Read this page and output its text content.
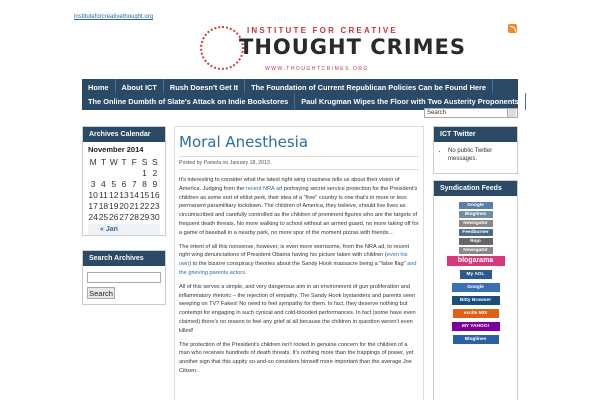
instituteforcreativethought.org
INSTITUTE FOR CREATIVE
THOUGHT CRIMES
WWW.THOUGHTCRIMES.ORG
Home	About ICT	Rush Doesn't Get It	The Foundation of Current Republican Policies Can be Found Here
The Online Dumbth of Slate's Attack on Indie Bookstores	Paul Krugman Wipes the Floor with Two Austerity Proponents
Search
Archives Calendar
November 2014
M	T	W	T	F	S	S
					1	2
3	4	5	6	7	8	9
10	11	12	13	14	15	16
17	18	19	20	21	22	23
24	25	26	27	28	29	30
« Jan
Search Archives
Search
Moral Anesthesia
Posted by Pamela on January 18, 2013

It's interesting to consider what the latest right wing craziness tells us about their vision of America. Judging from the recent NRA ad portraying secret service protection for the President's children as some sort of elitist perk, their idea of a "free" country is one that's in more or less permanent paramilitary lockdown. The children of America, they believe, should live lives as circumscribed and carefully controlled as the children of prominent figures who are the targets of frequent death threats. No more walking to school without an armed guard, no more taking off for a game of baseball in a nearby park, no more spur of the moment pizzas with friends…

The intent of all this nonsense, however, is even more worrisome, from the NRA ad, to recent right wing denunciations of President Obama having his picture taken with children (even his own) to the bizarre conspiracy theories about the Sandy Hook massacre being a "false flag" and the grieving parents actors.

All of this serves a simple, and very dangerous aim in an environment of gun proliferation and inflammatory rhetoric – the rejection of empathy. The Sandy Hook bystanders and parents seen weeping on TV? Fakes! No need to feel sympathy for them. In fact, they deserve nothing but contempt for engaging in such cynical and cold-blooded performances. In fact (some have even claimed) there's no reason to feel any grief at all because the children in question weren't even killed!

The protection of the President's children isn't rooted in genuine concern for the children of a man who receives hundreds of death threats. It's nothing more than the trappings of power, yet another sign that this uppity so-and-so considers himself more important than the average Joe Citizen.

ICT Twitter
• No public Twitter messages.
Syndication Feeds
Google
Bloglines
Newsgator
Feedburner
Rojo
Newsgator
blogarama
My AOL
Google
Bitty Browser
excite MIX
MY YAHOO!
Bloglines
